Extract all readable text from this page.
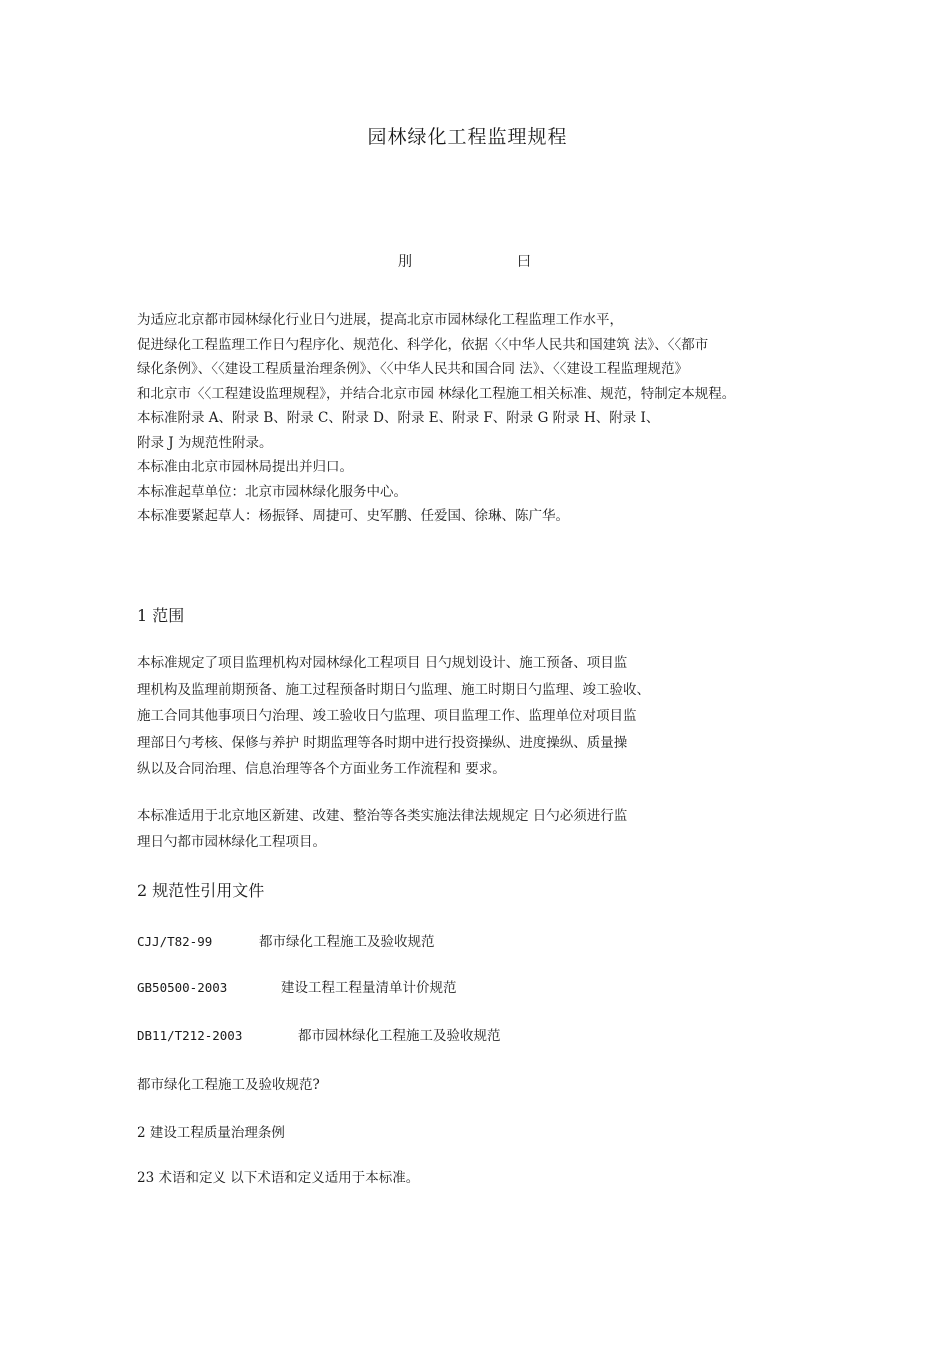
园林绿化工程监理规程
刖	曰
为适应北京都市园林绿化行业日勺进展，提高北京市园林绿化工程监理工作水平，
促进绿化工程监理工作日勺程序化、规范化、科学化，依据〈〈中华人民共和国建筑 法》、〈〈都市
绿化条例》、〈〈建设工程质量治理条例》、〈〈中华人民共和国合同 法》、〈〈建设工程监理规范》
和北京市〈〈工程建设监理规程》，并结合北京市园 林绿化工程施工相关标准、规范，特制定本规程。
本标准附录 A、附录 B、附录 C、附录 D、附录 E、附录 F、附录 G 附录 H、附录 I、
附录 J 为规范性附录。
本标准由北京市园林局提出并归口。
本标准起草单位：北京市园林绿化服务中心。
本标准要紧起草人：杨振铎、周捷可、史军鹏、任爱国、徐琳、陈广华。
1 范围
本标准规定了项目监理机构对园林绿化工程项目 日勺规划设计、施工预备、项目监
理机构及监理前期预备、施工过程预备时期日勺监理、施工时期日勺监理、竣工验收、
施工合同其他事项日勺治理、竣工验收日勺监理、项目监理工作、监理单位对项目监
理部日勺考核、保修与养护 时期监理等各时期中进行投资操纵、进度操纵、质量操
纵以及合同治理、信息治理等各个方面业务工作流程和 要求。
本标准适用于北京地区新建、改建、整治等各类实施法律法规规定 日勺必须进行监
理日勺都市园林绿化工程项目。
2 规范性引用文件
CJJ/T82-99	都市绿化工程施工及验收规范
GB50500-2003	建设工程工程量清单计价规范
DB11/T212-2003	都市园林绿化工程施工及验收规范
都市绿化工程施工及验收规范?
2 建设工程质量治理条例
23 术语和定义 以下术语和定义适用于本标准。
